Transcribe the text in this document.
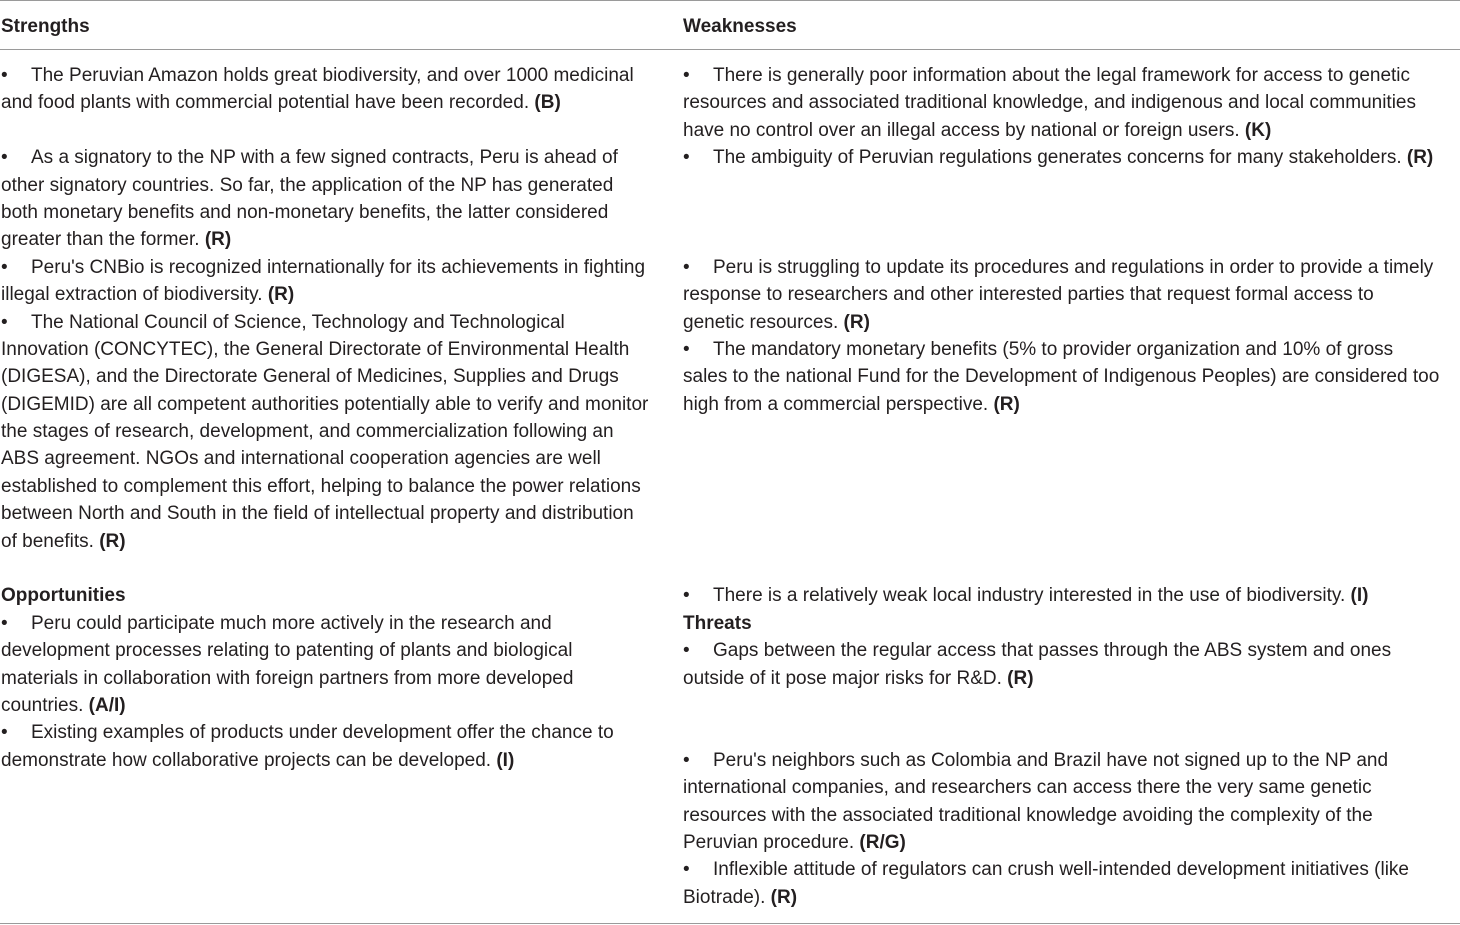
Strengths	Weaknesses
• The Peruvian Amazon holds great biodiversity, and over 1000 medicinal
and food plants with commercial potential have been recorded. (B)
• As a signatory to the NP with a few signed contracts, Peru is ahead of
other signatory countries. So far, the application of the NP has generated
both monetary benefits and non-monetary benefits, the latter considered
greater than the former. (R)
• Peru's CNBio is recognized internationally for its achievements in fighting
illegal extraction of biodiversity. (R)
• The National Council of Science, Technology and Technological
Innovation (CONCYTEC), the General Directorate of Environmental Health
(DIGESA), and the Directorate General of Medicines, Supplies and Drugs
(DIGEMID) are all competent authorities potentially able to verify and monitor
the stages of research, development, and commercialization following an
ABS agreement. NGOs and international cooperation agencies are well
established to complement this effort, helping to balance the power relations
between North and South in the field of intellectual property and distribution
of benefits. (R)
Opportunities
• Peru could participate much more actively in the research and
development processes relating to patenting of plants and biological
materials in collaboration with foreign partners from more developed
countries. (A/I)
• Existing examples of products under development offer the chance to
demonstrate how collaborative projects can be developed. (I)
• There is generally poor information about the legal framework for access to genetic
resources and associated traditional knowledge, and indigenous and local communities
have no control over an illegal access by national or foreign users. (K)
• The ambiguity of Peruvian regulations generates concerns for many stakeholders. (R)
• Peru is struggling to update its procedures and regulations in order to provide a timely
response to researchers and other interested parties that request formal access to
genetic resources. (R)
• The mandatory monetary benefits (5% to provider organization and 10% of gross
sales to the national Fund for the Development of Indigenous Peoples) are considered too
high from a commercial perspective. (R)
• There is a relatively weak local industry interested in the use of biodiversity. (I)
Threats
• Gaps between the regular access that passes through the ABS system and ones
outside of it pose major risks for R&D. (R)
• Peru's neighbors such as Colombia and Brazil have not signed up to the NP and
international companies, and researchers can access there the very same genetic
resources with the associated traditional knowledge avoiding the complexity of the
Peruvian procedure. (R/G)
• Inflexible attitude of regulators can crush well-intended development initiatives (like
Biotrade). (R)
